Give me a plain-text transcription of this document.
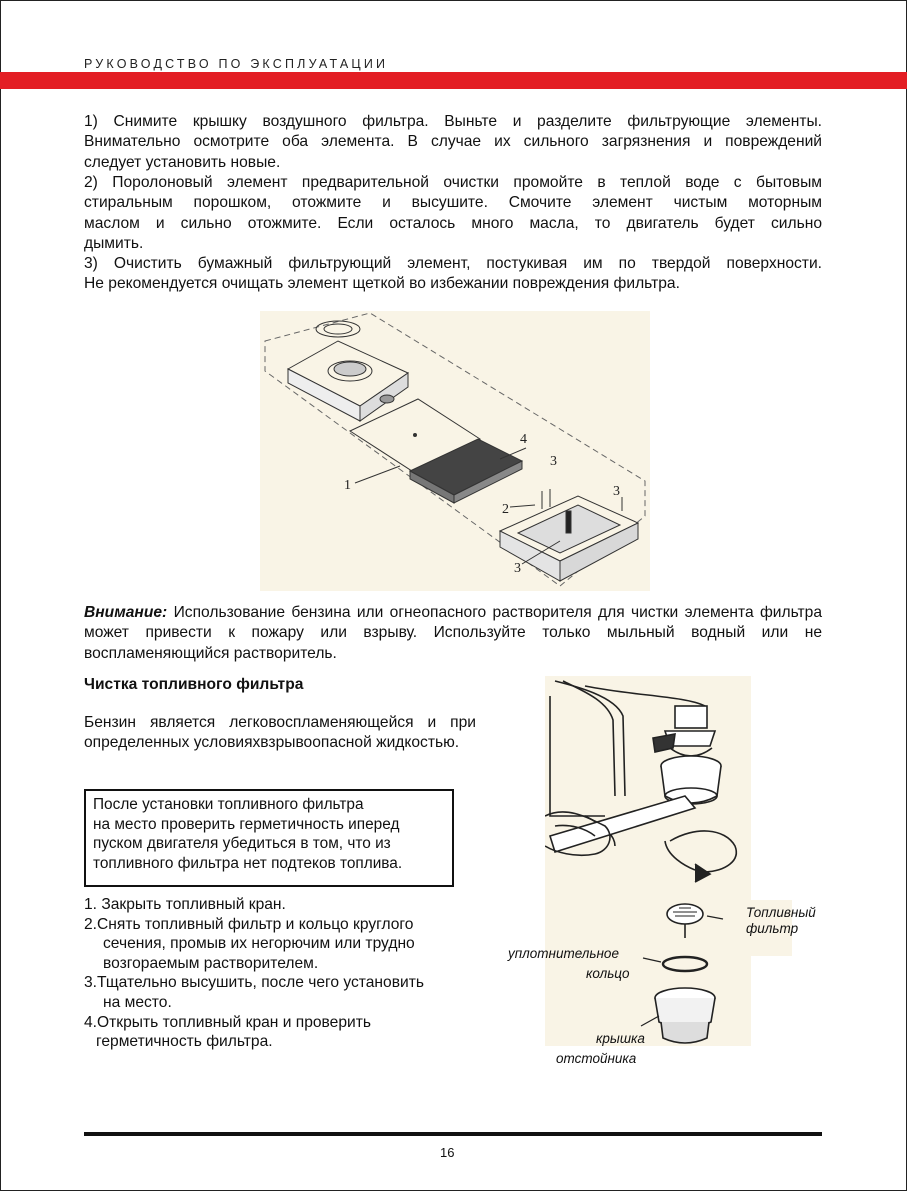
РУКОВОДСТВО ПО ЭКСПЛУАТАЦИИ

1) Снимите крышку воздушного фильтра. Выньте и разделите фильтрующие элементы.

Внимательно осмотрите оба элемента. В случае их сильного загрязнения и повреждений

следует установить новые.

2) Поролоновый элемент предварительной очистки промойте в теплой воде с бытовым

стиральным порошком, отожмите и высушите. Смочите элемент чистым моторным

маслом и сильно отожмите. Если осталось много масла, то двигатель будет сильно

дымить.

3) Очистить бумажный фильтрующий элемент, постукивая им по твердой поверхности.

Не рекомендуется очищать элемент щеткой во избежании повреждения фильтра.

1
2
3
3
3
4
Внимание: Использование бензина или огнеопасного растворителя для чистки элемента фильтра может привести к пожару или взрыву. Используйте только мыльный водный или не воспламеняющийся растворитель.
Чистка топливного фильтра
Бензин является легковоспламеняющейся и при определенных условияхвзрывоопасной жидкостью.
После установки топливного фильтра
на место проверить герметичность иперед
пуском двигателя убедиться в том, что из
топливного фильтра нет подтеков топлива.
1. Закрыть топливный кран.
2.Снять топливный фильтр и кольцо круглого
сечения, промыв их негорючим или трудно
возгораемым растворителем.
3.Тщательно высушить, после чего установить
на место.
4.Открыть топливный кран и проверить
герметичность фильтра.
Топливный
фильтр
уплотнительное
кольцо
крышка
отстойника
16
